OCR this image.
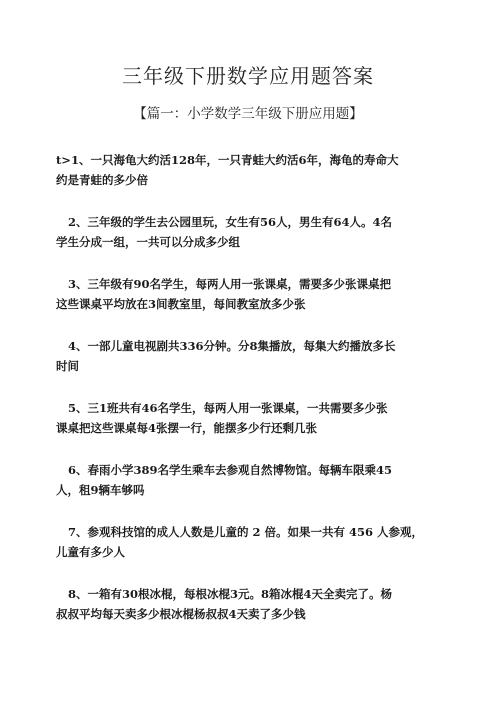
三年级下册数学应用题答案
【篇一：小学数学三年级下册应用题】
t>1、一只海龟大约活128年，一只青蛙大约活6年，海龟的寿命大
约是青蛙的多少倍
2、三年级的学生去公园里玩，女生有56人，男生有64人。4名
学生分成一组，一共可以分成多少组
3、三年级有90名学生，每两人用一张课桌，需要多少张课桌把
这些课桌平均放在3间教室里，每间教室放多少张
4、一部儿童电视剧共336分钟。分8集播放，每集大约播放多长
时间
5、三1班共有46名学生，每两人用一张课桌，一共需要多少张
课桌把这些课桌每4张摆一行，能摆多少行还剩几张
6、春雨小学389名学生乘车去参观自然博物馆。每辆车限乘45
人，租9辆车够吗
7、参观科技馆的成人人数是儿童的 2 倍。如果一共有 456 人参观，
儿童有多少人
8、一箱有30根冰棍，每根冰棍3元。8箱冰棍4天全卖完了。杨
叔叔平均每天卖多少根冰棍杨叔叔4天卖了多少钱
